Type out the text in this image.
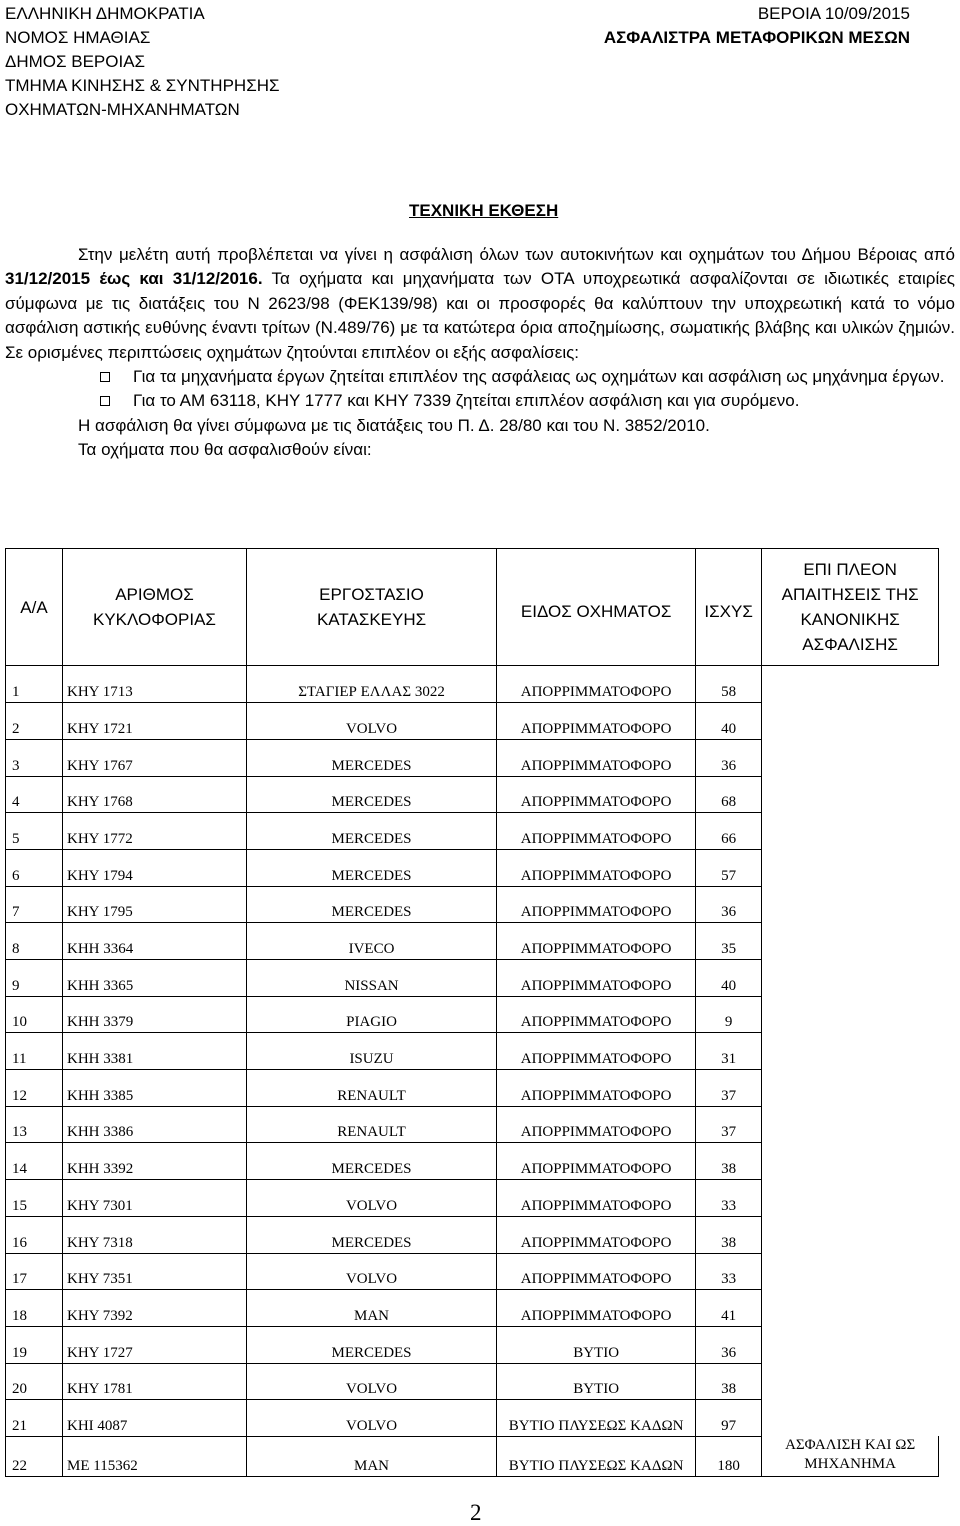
ΕΛΛΗΝΙΚΗ ΔΗΜΟΚΡΑΤΙΑ
ΝΟΜΟΣ ΗΜΑΘΙΑΣ
ΔΗΜΟΣ ΒΕΡΟΙΑΣ
ΤΜΗΜΑ ΚΙΝΗΣΗΣ & ΣΥΝΤΗΡΗΣΗΣ
ΟΧΗΜΑΤΩΝ-ΜΗΧΑΝΗΜΑΤΩΝ
ΒΕΡΟΙΑ 10/09/2015
ΑΣΦΑΛΙΣΤΡΑ ΜΕΤΑΦΟΡΙΚΩΝ ΜΕΣΩΝ
ΤΕΧΝΙΚΗ ΕΚΘΕΣΗ

Στην μελέτη αυτή προβλέπεται να γίνει η ασφάλιση όλων των αυτοκινήτων και οχημάτων του Δήμου Βέροιας από 31/12/2015 έως και 31/12/2016. Τα οχήματα και μηχανήματα των ΟΤΑ υποχρεωτικά ασφαλίζονται σε ιδιωτικές εταιρίες σύμφωνα με τις διατάξεις του Ν 2623/98 (ΦΕΚ139/98) και οι προσφορές θα καλύπτουν την υποχρεωτική κατά το νόμο ασφάλιση αστικής ευθύνης έναντι τρίτων (Ν.489/76) με τα κατώτερα όρια αποζημίωσης, σωματικής βλάβης και υλικών ζημιών. Σε ορισμένες περιπτώσεις οχημάτων ζητούνται επιπλέον οι εξής ασφαλίσεις:

Για τα μηχανήματα έργων ζητείται επιπλέον της ασφάλειας ως οχημάτων και ασφάλιση ως μηχάνημα έργων.
Για το ΑΜ 63118, ΚΗΥ 1777 και ΚΗΥ 7339 ζητείται επιπλέον ασφάλιση και για συρόμενο.

Η ασφάλιση θα γίνει σύμφωνα με τις διατάξεις του Π. Δ. 28/80 και του Ν. 3852/2010.

Τα οχήματα που θα ασφαλισθούν είναι:

Α/Α	ΑΡΙΘΜΟΣ ΚΥΚΛΟΦΟΡΙΑΣ	ΕΡΓΟΣΤΑΣΙΟ ΚΑΤΑΣΚΕΥΗΣ	ΕΙΔΟΣ ΟΧΗΜΑΤΟΣ	ΙΣΧΥΣ	ΕΠΙ ΠΛΕΟΝ ΑΠΑΙΤΗΣΕΙΣ ΤΗΣ ΚΑΝΟΝΙΚΗΣ ΑΣΦΑΛΙΣΗΣ
1	ΚΗΥ 1713	ΣΤΑΓΙΕΡ ΕΛΛΑΣ 3022	ΑΠΟΡΡΙΜΜΑΤΟΦΟΡΟ	58	
2	ΚΗΥ 1721	VOLVO	ΑΠΟΡΡΙΜΜΑΤΟΦΟΡΟ	40	
3	ΚΗΥ 1767	MERCEDES	ΑΠΟΡΡΙΜΜΑΤΟΦΟΡΟ	36	
4	ΚΗΥ 1768	MERCEDES	ΑΠΟΡΡΙΜΜΑΤΟΦΟΡΟ	68	
5	ΚΗΥ 1772	MERCEDES	ΑΠΟΡΡΙΜΜΑΤΟΦΟΡΟ	66	
6	ΚΗΥ 1794	MERCEDES	ΑΠΟΡΡΙΜΜΑΤΟΦΟΡΟ	57	
7	ΚΗΥ 1795	MERCEDES	ΑΠΟΡΡΙΜΜΑΤΟΦΟΡΟ	36	
8	ΚΗΗ 3364	IVECO	ΑΠΟΡΡΙΜΜΑΤΟΦΟΡΟ	35	
9	ΚΗΗ 3365	NISSAN	ΑΠΟΡΡΙΜΜΑΤΟΦΟΡΟ	40	
10	ΚΗΗ 3379	PIAGIO	ΑΠΟΡΡΙΜΜΑΤΟΦΟΡΟ	9	
11	ΚΗΗ 3381	ISUZU	ΑΠΟΡΡΙΜΜΑΤΟΦΟΡΟ	31	
12	ΚΗΗ 3385	RENAULT	ΑΠΟΡΡΙΜΜΑΤΟΦΟΡΟ	37	
13	ΚΗΗ 3386	RENAULT	ΑΠΟΡΡΙΜΜΑΤΟΦΟΡΟ	37	
14	ΚΗΗ 3392	MERCEDES	ΑΠΟΡΡΙΜΜΑΤΟΦΟΡΟ	38	
15	ΚΗΥ 7301	VOLVO	ΑΠΟΡΡΙΜΜΑΤΟΦΟΡΟ	33	
16	ΚΗΥ 7318	MERCEDES	ΑΠΟΡΡΙΜΜΑΤΟΦΟΡΟ	38	
17	ΚΗΥ 7351	VOLVO	ΑΠΟΡΡΙΜΜΑΤΟΦΟΡΟ	33	
18	ΚΗΥ 7392	MAN	ΑΠΟΡΡΙΜΜΑΤΟΦΟΡΟ	41	
19	ΚΗΥ 1727	MERCEDES	ΒΥΤΙΟ	36	
20	ΚΗΥ 1781	VOLVO	ΒΥΤΙΟ	38	
21	ΚΗΙ 4087	VOLVO	ΒΥΤΙΟ ΠΛΥΣΕΩΣ ΚΑΔΩΝ	97	
22	ΜΕ 115362	MAN	ΒΥΤΙΟ ΠΛΥΣΕΩΣ ΚΑΔΩΝ	180	ΑΣΦΑΛΙΣΗ ΚΑΙ ΩΣ ΜΗΧΑΝΗΜΑ
2
